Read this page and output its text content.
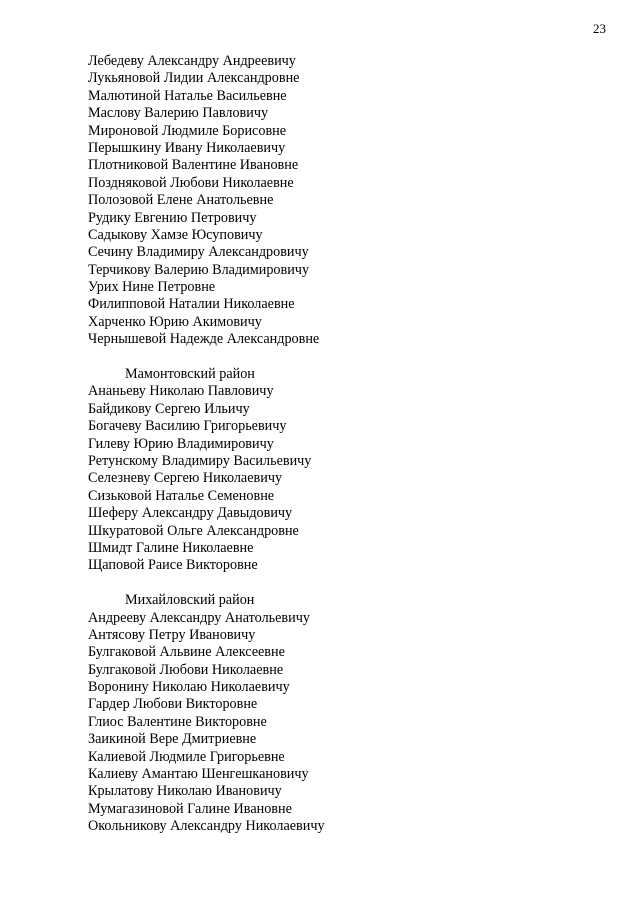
23
Лебедеву Александру Андреевичу
Лукьяновой Лидии Александровне
Малютиной Наталье Васильевне
Маслову Валерию Павловичу
Мироновой Людмиле Борисовне
Перышкину Ивану Николаевичу
Плотниковой Валентине Ивановне
Поздняковой Любови Николаевне
Полозовой Елене Анатольевне
Рудику Евгению Петровичу
Садыкову Хамзе Юсуповичу
Сечину Владимиру Александровичу
Терчикову Валерию Владимировичу
Урих Нине Петровне
Филипповой Наталии Николаевне
Харченко Юрию Акимовичу
Чернышевой Надежде Александровне
Мамонтовский район
Ананьеву Николаю Павловичу
Байдикову Сергею Ильичу
Богачеву Василию Григорьевичу
Гилеву Юрию Владимировичу
Ретунскому Владимиру Васильевичу
Селезневу Сергею Николаевичу
Сизьковой Наталье Семеновне
Шеферу Александру Давыдовичу
Шкуратовой Ольге Александровне
Шмидт Галине Николаевне
Щаповой Раисе Викторовне
Михайловский район
Андрееву Александру Анатольевичу
Антясову Петру Ивановичу
Булгаковой Альвине Алексеевне
Булгаковой Любови Николаевне
Воронину Николаю Николаевичу
Гардер Любови Викторовне
Глиос Валентине Викторовне
Заикиной Вере Дмитриевне
Калиевой Людмиле Григорьевне
Калиеву Амантаю Шенгешкановичу
Крылатову Николаю Ивановичу
Мумагазиновой Галине Ивановне
Окольникову Александру Николаевичу
